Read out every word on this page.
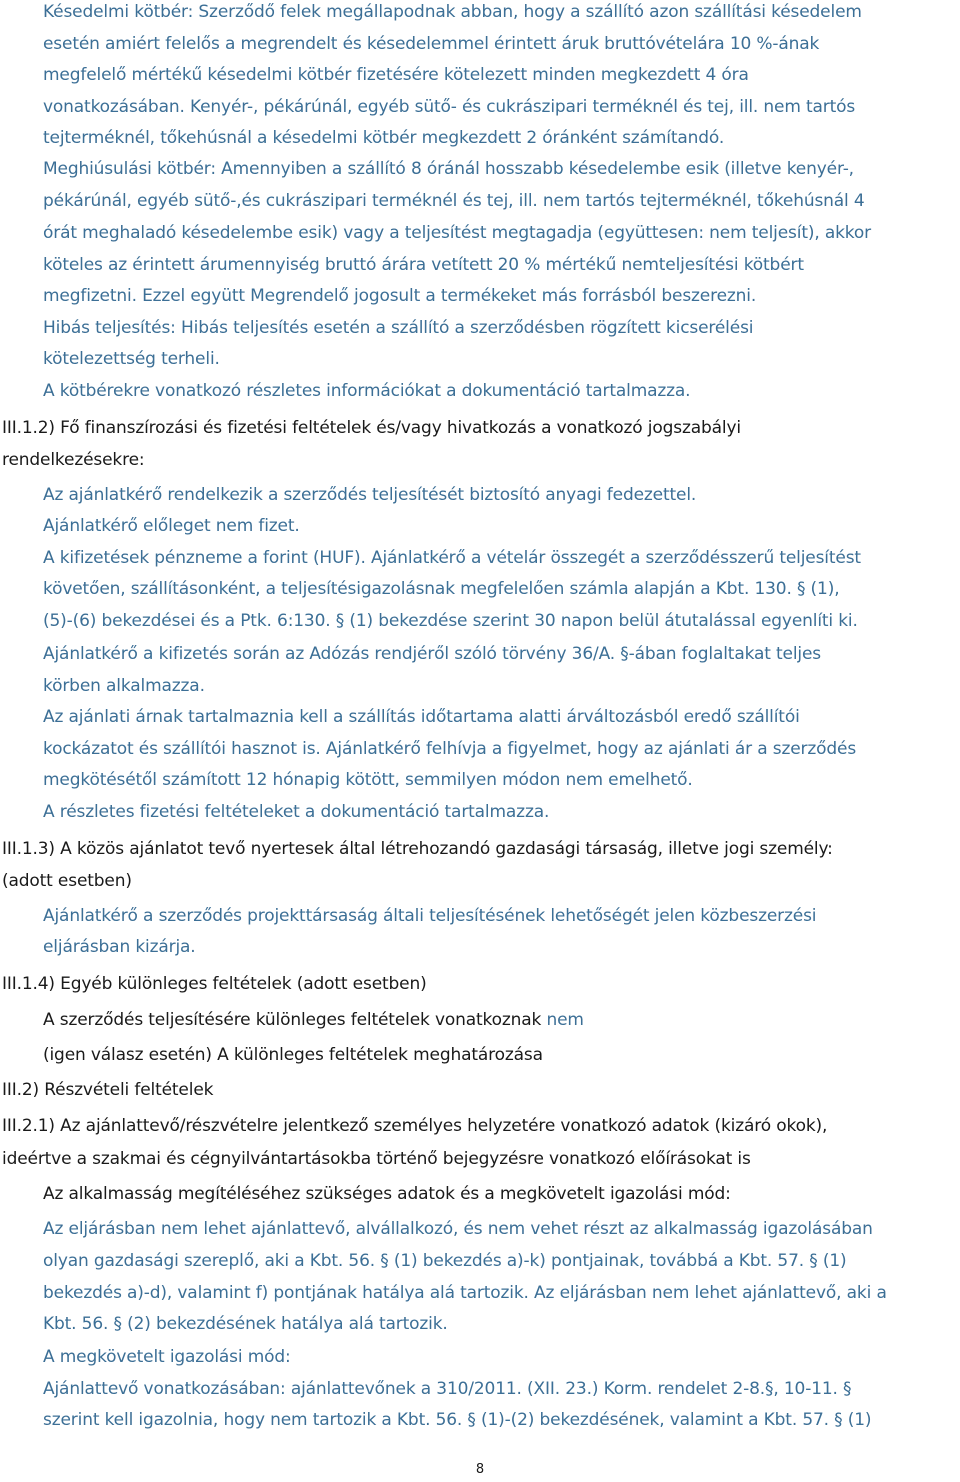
Késedelmi kötbér: Szerződő felek megállapodnak abban, hogy a szállító azon szállítási késedelem
esetén amiért felelős a megrendelt és késedelemmel érintett áruk bruttóvételára 10 %-ának
megfelelő mértékű késedelmi kötbér fizetésére kötelezett minden megkezdett 4 óra
vonatkozásában. Kenyér-, pékárúnál, egyéb sütő- és cukrászipari terméknél és tej, ill. nem tartós
tejterméknél, tőkehúsnál a késedelmi kötbér megkezdett 2 óránként számítandó.
Meghiúsulási kötbér: Amennyiben a szállító 8 óránál hosszabb késedelembe esik (illetve kenyér-,
pékárúnál, egyéb sütő-,és cukrászipari terméknél és tej, ill. nem tartós tejterméknél, tőkehúsnál 4
órát meghaladó késedelembe esik) vagy a teljesítést megtagadja (együttesen: nem teljesít), akkor
köteles az érintett árumennyiség bruttó árára vetített 20 % mértékű nemteljesítési kötbért
megfizetni. Ezzel együtt Megrendelő jogosult a termékeket más forrásból beszerezni.
Hibás teljesítés: Hibás teljesítés esetén a szállító a szerződésben rögzített kicserélési
kötelezettség terheli.
A kötbérekre vonatkozó részletes információkat a dokumentáció tartalmazza.
III.1.2) Fő finanszírozási és fizetési feltételek és/vagy hivatkozás a vonatkozó jogszabályi
rendelkezésekre:
Az ajánlatkérő rendelkezik a szerződés teljesítését biztosító anyagi fedezettel.
Ajánlatkérő előleget nem fizet.
A kifizetések pénzneme a forint (HUF). Ajánlatkérő a vételár összegét a szerződésszerű teljesítést
követően, szállításonként, a teljesítésigazolásnak megfelelően számla alapján a Kbt. 130. § (1),
(5)-(6) bekezdései és a Ptk. 6:130. § (1) bekezdése szerint 30 napon belül átutalással egyenlíti ki.
Ajánlatkérő a kifizetés során az Adózás rendjéről szóló törvény 36/A. §-ában foglaltakat teljes
körben alkalmazza.
Az ajánlati árnak tartalmaznia kell a szállítás időtartama alatti árváltozásból eredő szállítói
kockázatot és szállítói hasznot is. Ajánlatkérő felhívja a figyelmet, hogy az ajánlati ár a szerződés
megkötésétől számított 12 hónapig kötött, semmilyen módon nem emelhető.
A részletes fizetési feltételeket a dokumentáció tartalmazza.
III.1.3) A közös ajánlatot tevő nyertesek által létrehozandó gazdasági társaság, illetve jogi személy:
(adott esetben)
Ajánlatkérő a szerződés projekttársaság általi teljesítésének lehetőségét jelen közbeszerzési
eljárásban kizárja.
III.1.4) Egyéb különleges feltételek (adott esetben)
A szerződés teljesítésére különleges feltételek vonatkoznak nem
(igen válasz esetén) A különleges feltételek meghatározása
III.2) Részvételi feltételek
III.2.1) Az ajánlattevő/részvételre jelentkező személyes helyzetére vonatkozó adatok (kizáró okok),
ideértve a szakmai és cégnyilvántartásokba történő bejegyzésre vonatkozó előírásokat is
Az alkalmasság megítéléséhez szükséges adatok és a megkövetelt igazolási mód:
Az eljárásban nem lehet ajánlattevő, alvállalkozó, és nem vehet részt az alkalmasság igazolásában
olyan gazdasági szereplő, aki a Kbt. 56. § (1) bekezdés a)-k) pontjainak, továbbá a Kbt. 57. § (1)
bekezdés a)-d), valamint f) pontjának hatálya alá tartozik. Az eljárásban nem lehet ajánlattevő, aki a
Kbt. 56. § (2) bekezdésének hatálya alá tartozik.
A megkövetelt igazolási mód:
Ajánlattevő vonatkozásában: ajánlattevőnek a 310/2011. (XII. 23.) Korm. rendelet 2-8.§, 10-11. §
szerint kell igazolnia, hogy nem tartozik a Kbt. 56. § (1)-(2) bekezdésének, valamint a Kbt. 57. § (1)
8
